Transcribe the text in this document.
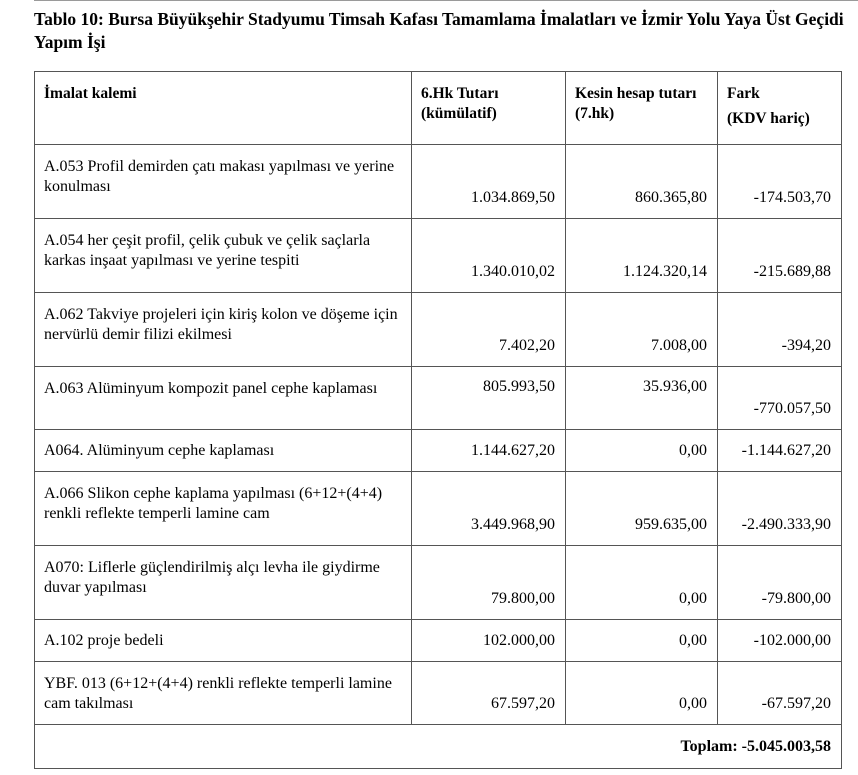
Tablo 10: Bursa Büyükşehir Stadyumu Timsah Kafası Tamamlama İmalatları ve İzmir Yolu Yaya Üst Geçidi Yapım İşi
İmalat kalemi	6.Hk Tutarı (kümülatif)	Kesin hesap tutarı (7.hk)	Fark
(KDV hariç)

A.053 Profil demirden çatı makası yapılması ve yerine konulması	1.034.869,50	860.365,80	-174.503,70
A.054 her çeşit profil, çelik çubuk ve çelik saçlarla karkas inşaat yapılması ve yerine tespiti	1.340.010,02	1.124.320,14	-215.689,88
A.062 Takviye projeleri için kiriş kolon ve döşeme için nervürlü demir filizi ekilmesi	7.402,20	7.008,00	-394,20
A.063 Alüminyum kompozit panel cephe kaplaması	805.993,50	35.936,00	-770.057,50
A064. Alüminyum cephe kaplaması	1.144.627,20	0,00	-1.144.627,20
A.066 Slikon cephe kaplama yapılması (6+12+(4+4) renkli reflekte temperli lamine cam	3.449.968,90	959.635,00	-2.490.333,90
A070: Liflerle güçlendirilmiş alçı levha ile giydirme duvar yapılması	79.800,00	0,00	-79.800,00
A.102 proje bedeli	102.000,00	0,00	-102.000,00
YBF. 013 (6+12+(4+4) renkli reflekte temperli lamine cam takılması	67.597,20	0,00	-67.597,20
Toplam: -5.045.003,58			
